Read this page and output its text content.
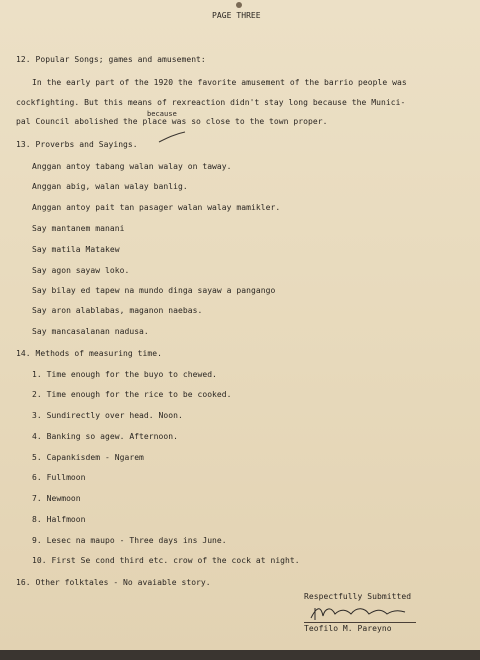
PAGE THREE
12. Popular Songs; games and amusement:
In the early part of the 1920 the favorite amusement of the barrio people was
cockfighting. But this means of rexreaction didn't stay long because the Munici-
because
pal Council abolished the place was so close to the town proper.
13. Proverbs and Sayings.
Anggan antoy tabang walan walay on taway.
Anggan abig, walan walay banlig.
Anggan antoy pait tan pasager walan walay mamikler.
Say mantanem manani
Say matila Matakew
Say agon sayaw loko.
Say bilay ed tapew na mundo dinga sayaw a pangango
Say aron alablabas, maganon naebas.
Say mancasalanan nadusa.
14. Methods of measuring time.
1. Time enough for the buyo to chewed.
2. Time enough for the rice to be cooked.
3. Sundirectly over head. Noon.
4. Banking so agew. Afternoon.
5. Capankisdem - Ngarem
6. Fullmoon
7. Newmoon
8. Halfmoon
9. Lesec na maupo - Three days ins June.
10. First Se cond third etc. crow of the cock at night.
16. Other folktales - No avaiable story.
Respectfully Submitted
Teofilo M. Pareyno
